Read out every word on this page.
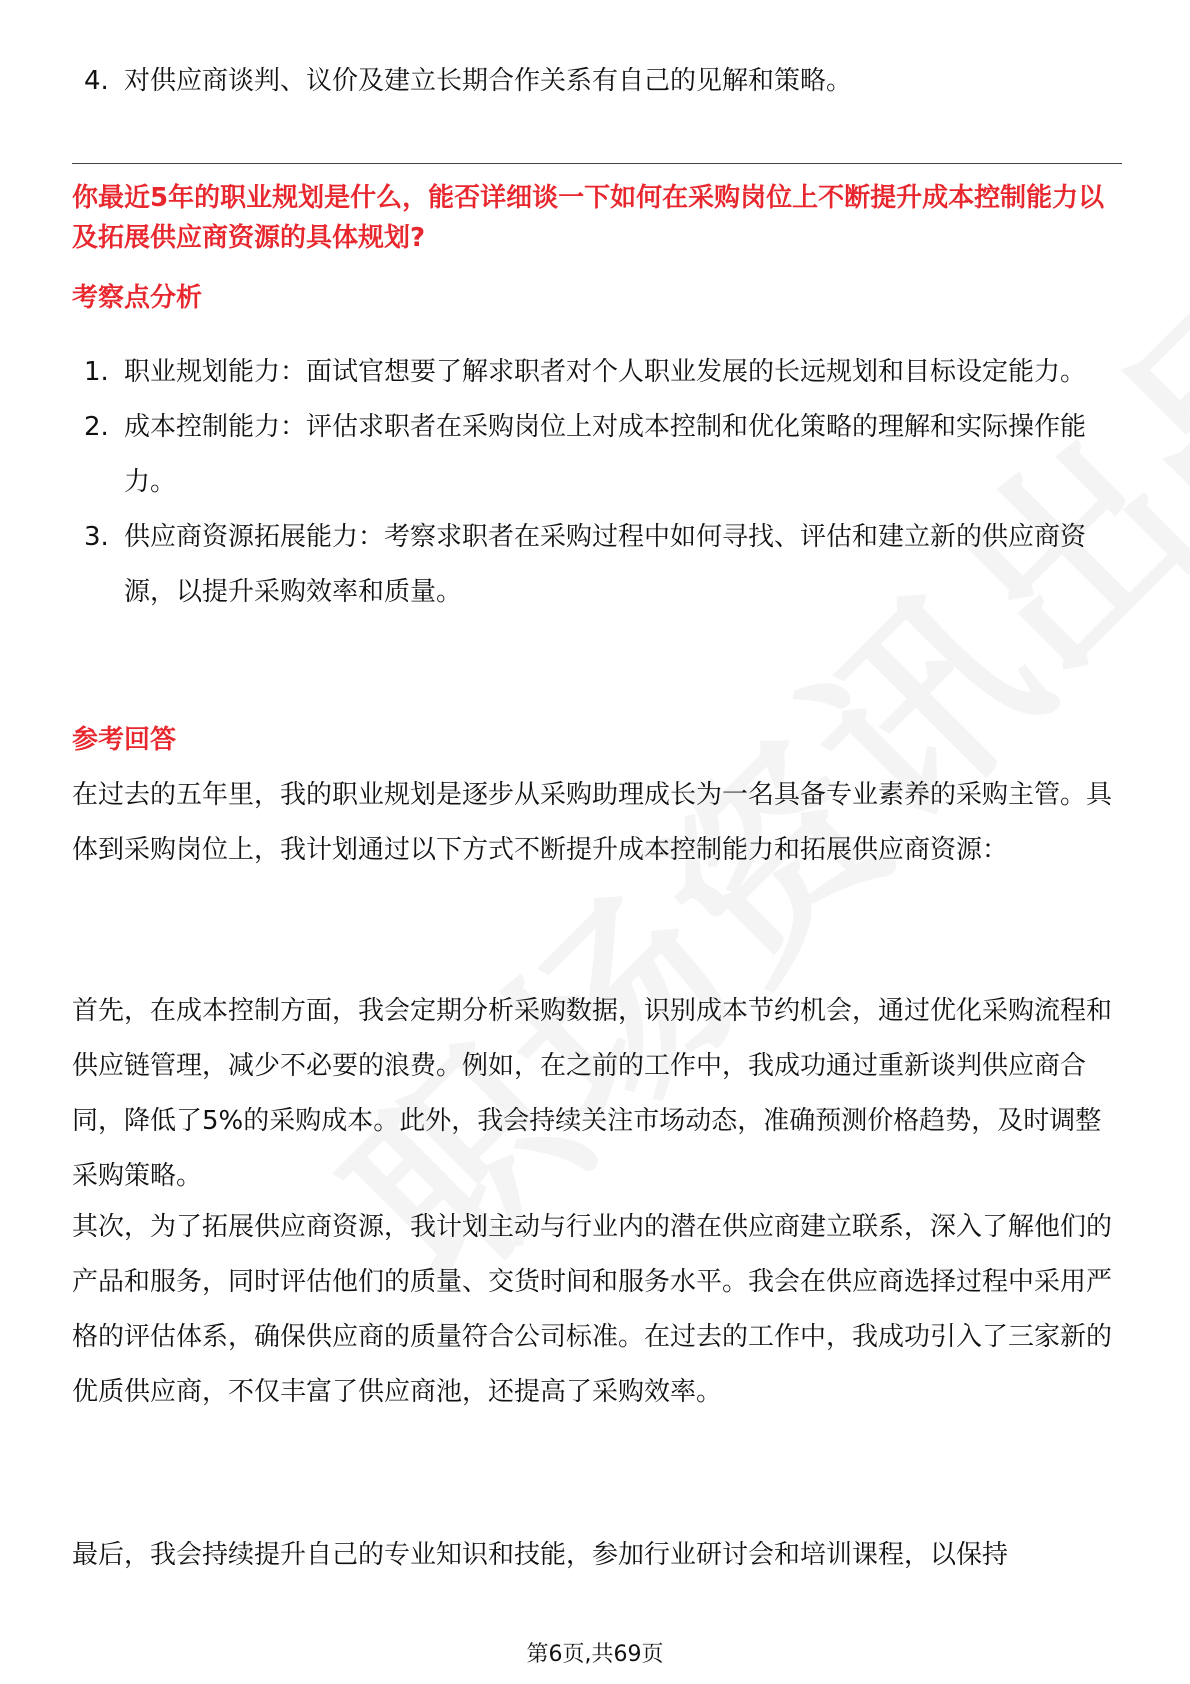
4. 对供应商谈判、议价及建立长期合作关系有自己的见解和策略。
你最近5年的职业规划是什么，能否详细谈一下如何在采购岗位上不断提升成本控制能力以及拓展供应商资源的具体规划?
考察点分析
1. 职业规划能力：面试官想要了解求职者对个人职业发展的长远规划和目标设定能力。
2. 成本控制能力：评估求职者在采购岗位上对成本控制和优化策略的理解和实际操作能力。
3. 供应商资源拓展能力：考察求职者在采购过程中如何寻找、评估和建立新的供应商资源，以提升采购效率和质量。
参考回答

在过去的五年里，我的职业规划是逐步从采购助理成长为一名具备专业素养的采购主管。具体到采购岗位上，我计划通过以下方式不断提升成本控制能力和拓展供应商资源：

首先，在成本控制方面，我会定期分析采购数据，识别成本节约机会，通过优化采购流程和供应链管理，减少不必要的浪费。例如，在之前的工作中，我成功通过重新谈判供应商合同，降低了5%的采购成本。此外，我会持续关注市场动态，准确预测价格趋势，及时调整采购策略。

其次，为了拓展供应商资源，我计划主动与行业内的潜在供应商建立联系，深入了解他们的产品和服务，同时评估他们的质量、交货时间和服务水平。我会在供应商选择过程中采用严格的评估体系，确保供应商的质量符合公司标准。在过去的工作中，我成功引入了三家新的优质供应商，不仅丰富了供应商池，还提高了采购效率。

最后，我会持续提升自己的专业知识和技能，参加行业研讨会和培训课程，以保持

第6页,共69页
